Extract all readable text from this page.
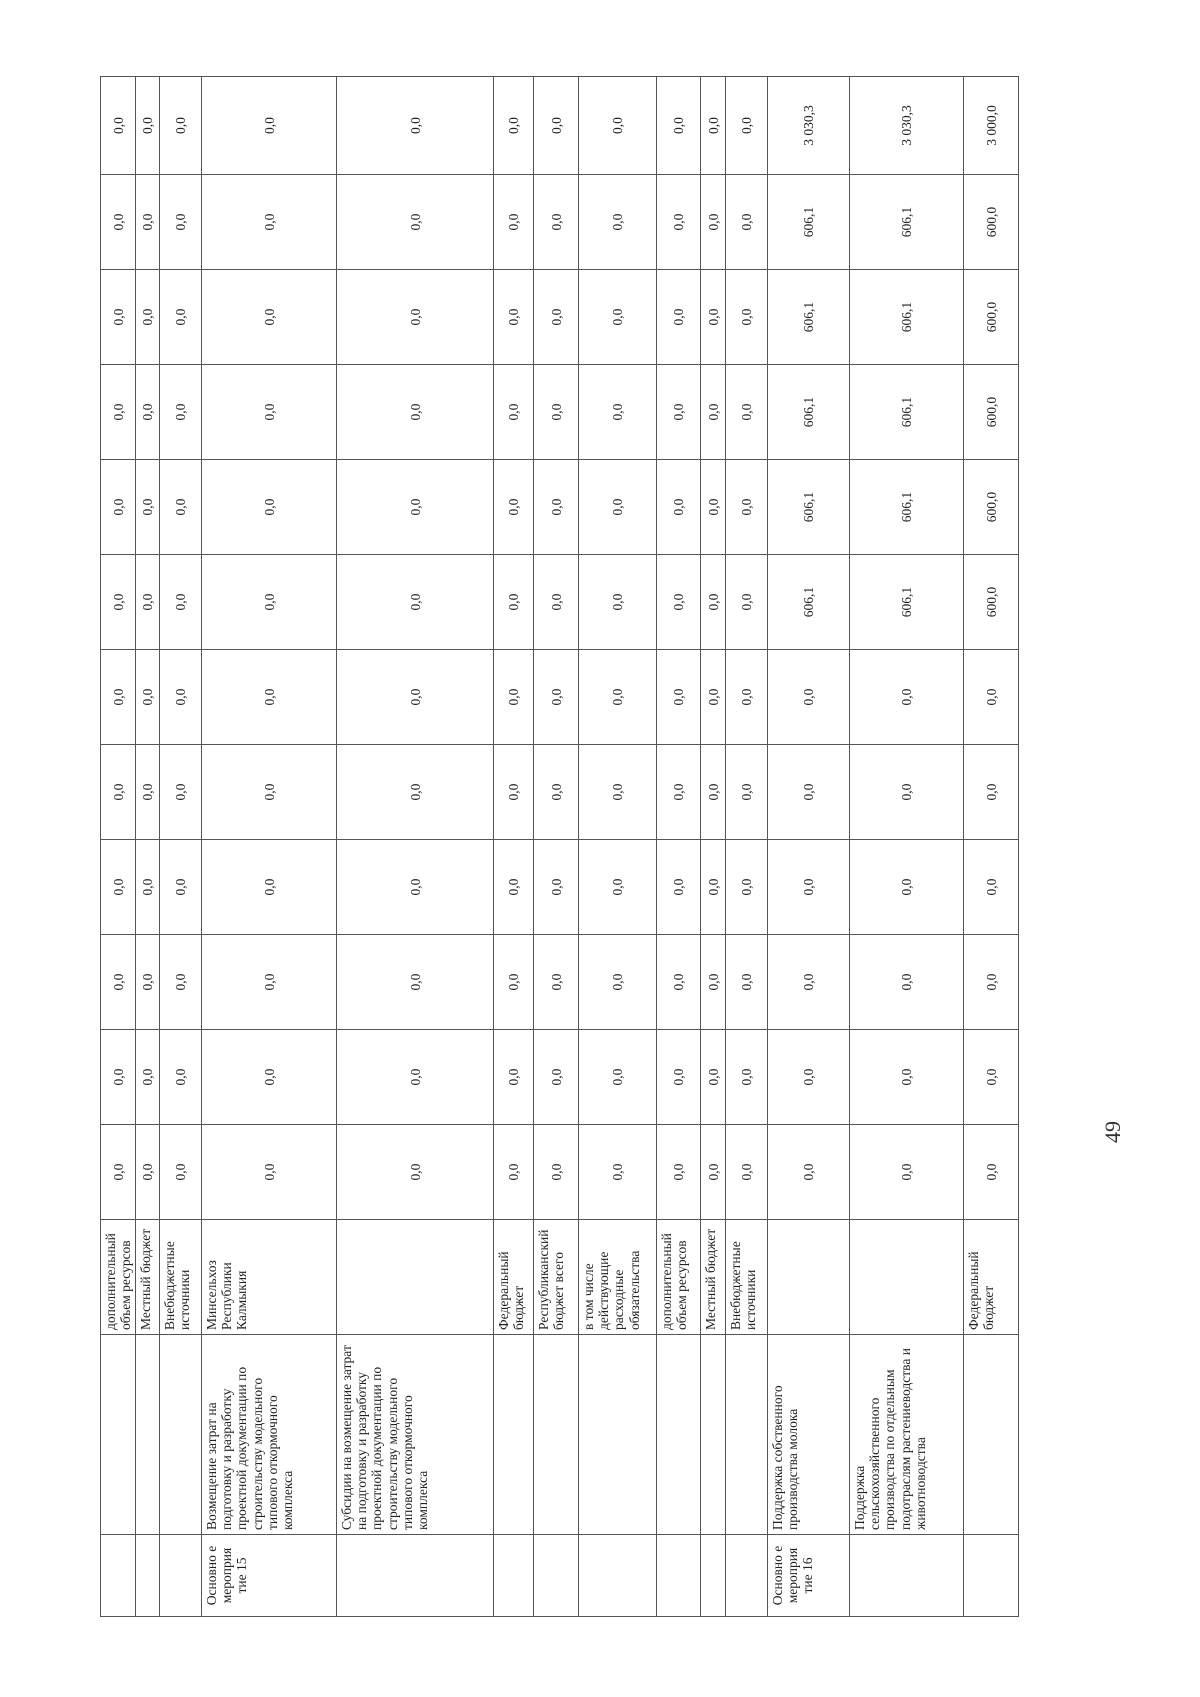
		дополнительный объем ресурсов	0,0	0,0	0,0	0,0	0,0	0,0	0,0	0,0	0,0	0,0	0,0	0,0
		Местный бюджет	0,0	0,0	0,0	0,0	0,0	0,0	0,0	0,0	0,0	0,0	0,0	0,0
		Внебюджетные источники	0,0	0,0	0,0	0,0	0,0	0,0	0,0	0,0	0,0	0,0	0,0	0,0
Основно е мероприя тие 15	Возмещение затрат на подготовку и разработку проектной документации по строительству модельного типового откормочного комплекса	Минсельхоз Республики Калмыкия	0,0	0,0	0,0	0,0	0,0	0,0	0,0	0,0	0,0	0,0	0,0	0,0
	Субсидии на возмещение затрат на подготовку и разработку проектной документации по строительству модельного типового откормочного комплекса		0,0	0,0	0,0	0,0	0,0	0,0	0,0	0,0	0,0	0,0	0,0	0,0
		Федеральный бюджет	0,0	0,0	0,0	0,0	0,0	0,0	0,0	0,0	0,0	0,0	0,0	0,0
		Республиканский бюджет всего	0,0	0,0	0,0	0,0	0,0	0,0	0,0	0,0	0,0	0,0	0,0	0,0
		в том числе действующие расходные обязательства	0,0	0,0	0,0	0,0	0,0	0,0	0,0	0,0	0,0	0,0	0,0	0,0
		дополнительный объем ресурсов	0,0	0,0	0,0	0,0	0,0	0,0	0,0	0,0	0,0	0,0	0,0	0,0
		Местный бюджет	0,0	0,0	0,0	0,0	0,0	0,0	0,0	0,0	0,0	0,0	0,0	0,0
		Внебюджетные источники	0,0	0,0	0,0	0,0	0,0	0,0	0,0	0,0	0,0	0,0	0,0	0,0
Основно е мероприя тие 16	Поддержка собственного производства молока		0,0	0,0	0,0	0,0	0,0	0,0	606,1	606,1	606,1	606,1	606,1	3 030,3
	Поддержка сельскохозяйственного производства по отдельным подотраслям растениеводства и животноводства		0,0	0,0	0,0	0,0	0,0	0,0	606,1	606,1	606,1	606,1	606,1	3 030,3
		Федеральный бюджет	0,0	0,0	0,0	0,0	0,0	0,0	600,0	600,0	600,0	600,0	600,0	3 000,0
49
